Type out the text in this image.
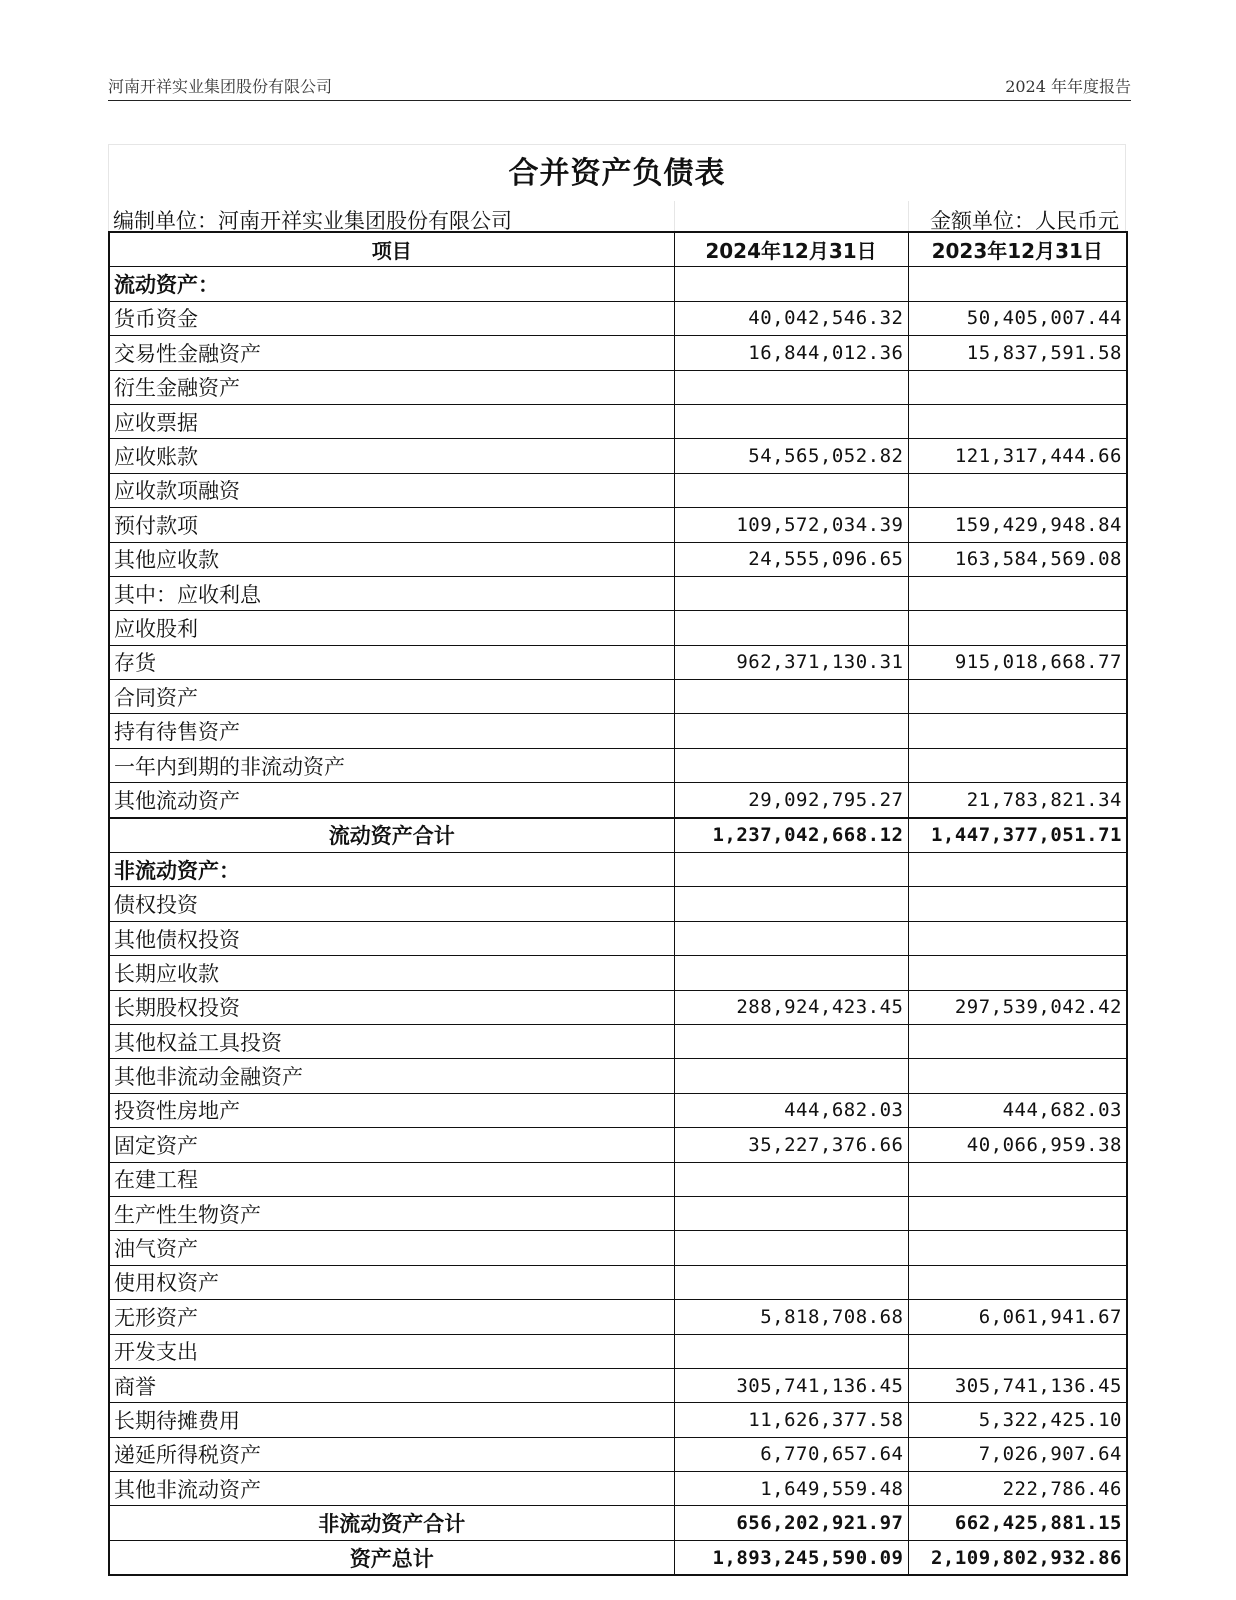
河南开祥实业集团股份有限公司	2024 年年度报告
合并资产负债表
编制单位：河南开祥实业集团股份有限公司	金额单位：人民币元
项目	2024年12月31日	2023年12月31日
流动资产：		
货币资金	40,042,546.32	50,405,007.44
交易性金融资产	16,844,012.36	15,837,591.58
衍生金融资产		
应收票据		
应收账款	54,565,052.82	121,317,444.66
应收款项融资		
预付款项	109,572,034.39	159,429,948.84
其他应收款	24,555,096.65	163,584,569.08
其中：应收利息		
应收股利		
存货	962,371,130.31	915,018,668.77
合同资产		
持有待售资产		
一年内到期的非流动资产		
其他流动资产	29,092,795.27	21,783,821.34
流动资产合计	1,237,042,668.12	1,447,377,051.71
非流动资产：		
债权投资		
其他债权投资		
长期应收款		
长期股权投资	288,924,423.45	297,539,042.42
其他权益工具投资		
其他非流动金融资产		
投资性房地产	444,682.03	444,682.03
固定资产	35,227,376.66	40,066,959.38
在建工程		
生产性生物资产		
油气资产		
使用权资产		
无形资产	5,818,708.68	6,061,941.67
开发支出		
商誉	305,741,136.45	305,741,136.45
长期待摊费用	11,626,377.58	5,322,425.10
递延所得税资产	6,770,657.64	7,026,907.64
其他非流动资产	1,649,559.48	222,786.46
非流动资产合计	656,202,921.97	662,425,881.15
资产总计	1,893,245,590.09	2,109,802,932.86
